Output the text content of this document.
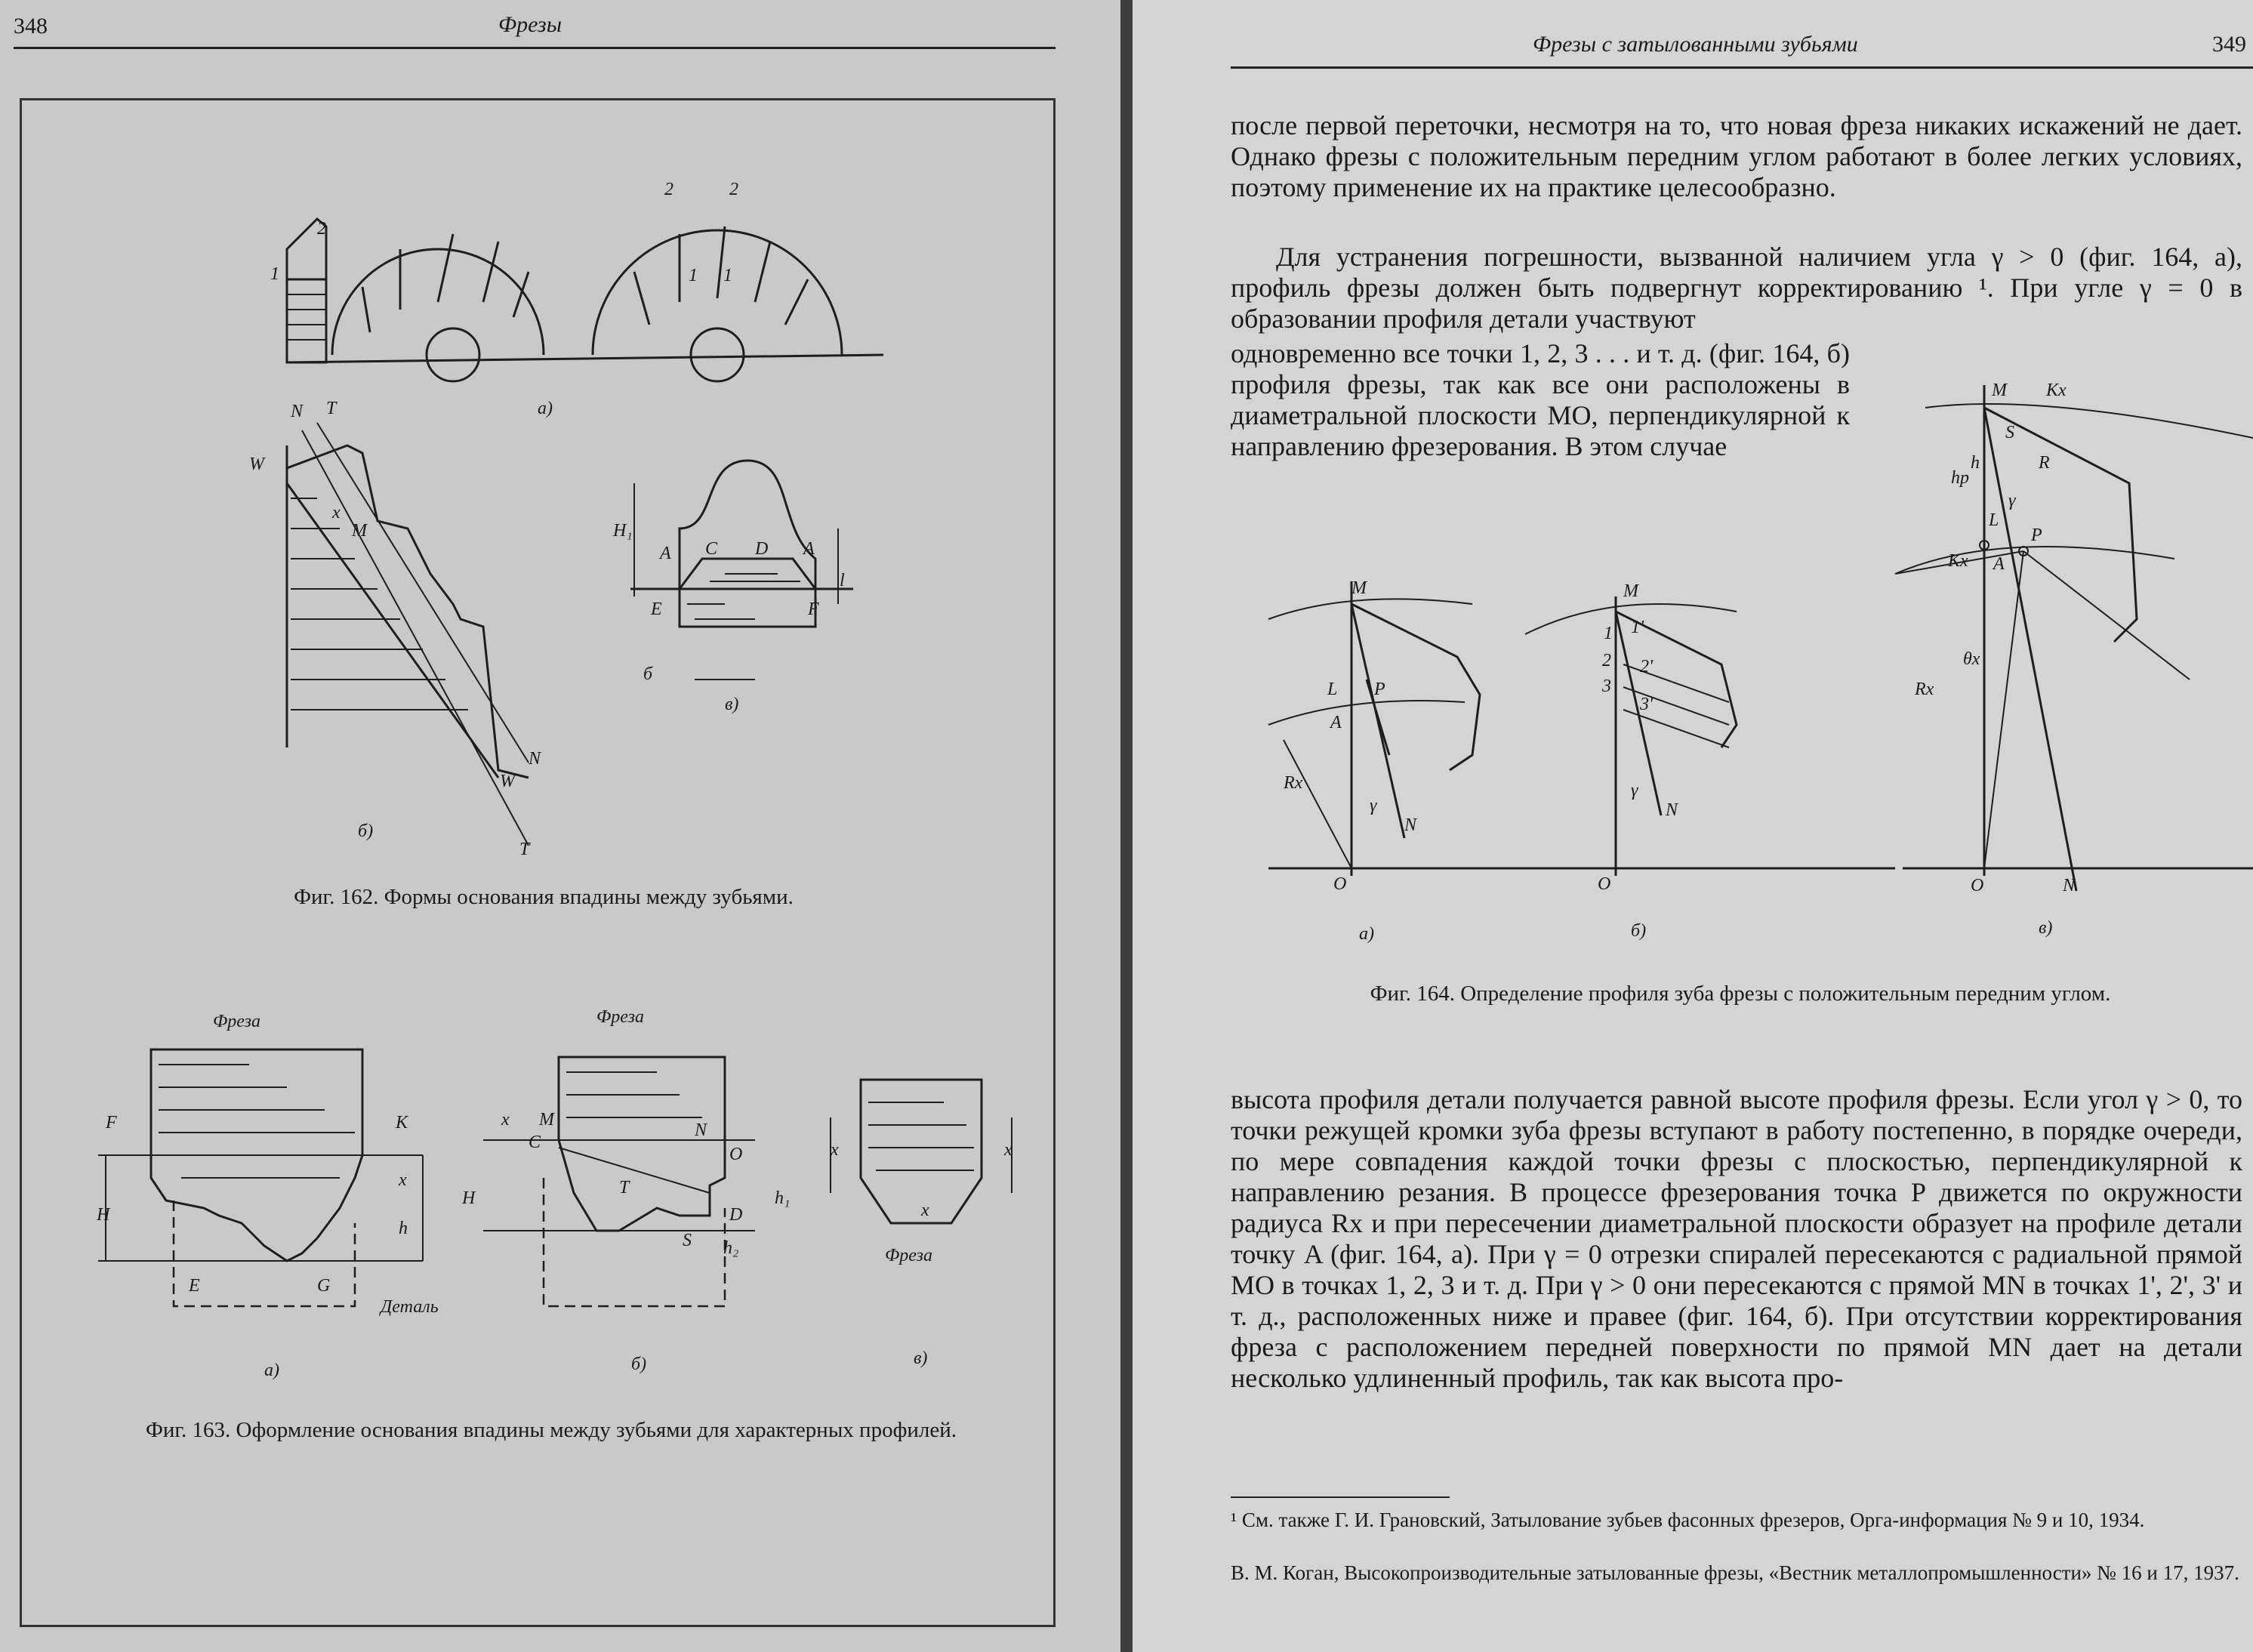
348	Фрезы
2
1
2	2
1 1
а)
N T
W
M
x
N
W
T
б)
H₁
A C D A
E	F
l
б
в)
Фиг. 162. Формы основания впадины между зубьями.
Фреза	Фреза
Фреза
Деталь
F	K
H
x
h
E	G
а)
x M
C
N
O
H
T
D
S
h₁
h₂
б)
x	x
x
в)
Фиг. 163. Оформление основания впадины между зубьями для характерных профилей.
Фрезы с затылованными зубьями	349

после первой переточки, несмотря на то, что новая фреза никаких искажений не дает. Однако фрезы с положительным передним углом работают в более легких условиях, поэтому применение их на практике целесообразно.

Для устранения погрешности, вызванной наличием угла γ > 0 (фиг. 164, а), профиль фрезы должен быть подвергнут корректированию ¹. При угле γ = 0 в образовании профиля детали участвуют

одновременно все точки 1, 2, 3 . . . и т. д. (фиг. 164, б) профиля фрезы, так как все они расположены в диаметральной плоскости MO, перпендикулярной к направлению фрезерования. В этом случае

M
L P
A
Rx
γ
N
O
а)
M
1 1'
2 2'
3
3'
γ
N
O
б)
M Kx
S
R
hp
h
γ
L
P
Kx A
θx
Rx
O	N
в)
Фиг. 164. Определение профиля зуба фрезы с положительным передним углом.

высота профиля детали получается равной высоте профиля фрезы. Если угол γ > 0, то точки режущей кромки зуба фрезы вступают в работу постепенно, в порядке очереди, по мере совпадения каждой точки фрезы с плоскостью, перпендикулярной к направлению резания. В процессе фрезерования точка P движется по окружности радиуса Rx и при пересечении диаметральной плоскости образует на профиле детали точку A (фиг. 164, а). При γ = 0 отрезки спиралей пересекаются с радиальной прямой MO в точках 1, 2, 3 и т. д. При γ > 0 они пересекаются с прямой MN в точках 1', 2', 3' и т. д., расположенных ниже и правее (фиг. 164, б). При отсутствии корректирования фреза с расположением передней поверхности по прямой MN дает на детали несколько удлиненный профиль, так как высота про-

¹ См. также Г. И. Грановский, Затылование зубьев фасонных фрезеров, Орга-информация № 9 и 10, 1934.
В. М. Коган, Высокопроизводительные затылованные фрезы, «Вестник металлопромышленности» № 16 и 17, 1937.
